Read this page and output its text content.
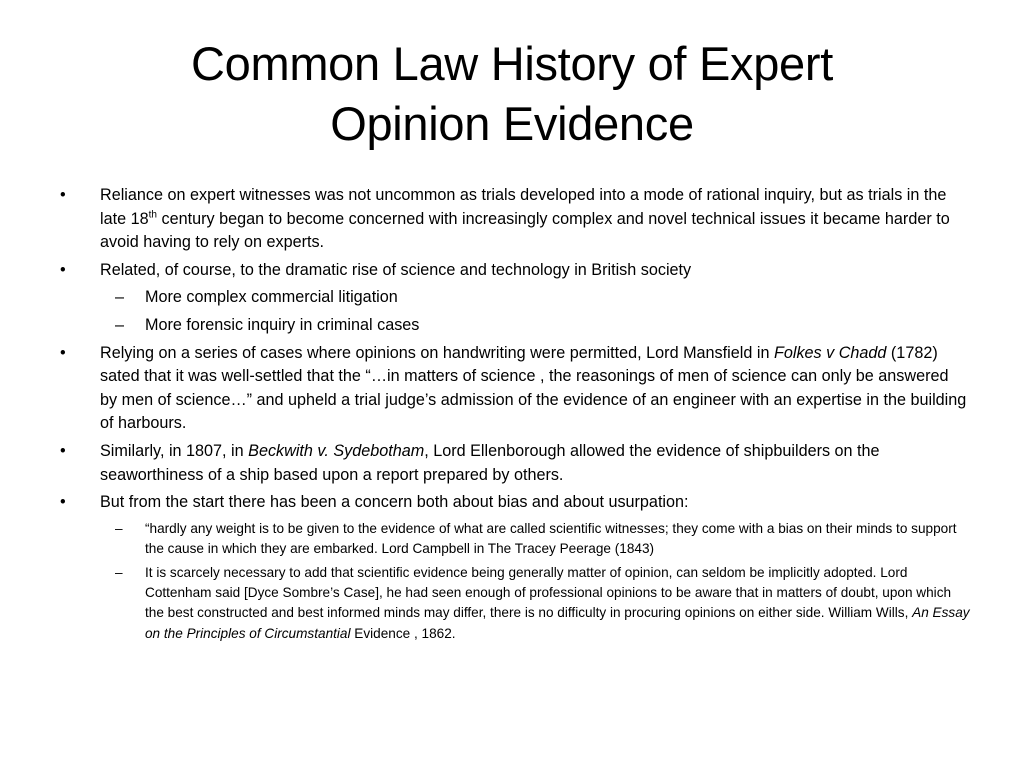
Common Law History of Expert
Opinion Evidence
•	Reliance on expert witnesses was not uncommon as trials developed into a mode of rational inquiry, but as trials in the late 18th century began to become concerned with increasingly complex and novel technical issues it became harder to avoid having to rely on experts.
•	Related, of course, to the dramatic rise of science and technology in British society
– More complex commercial litigation
– More forensic inquiry in criminal cases
•	Relying on a series of cases where opinions on handwriting were permitted, Lord Mansfield in Folkes v Chadd (1782) sated that it was well-settled that the “…in matters of science , the reasonings of men of science can only be answered by men of science…” and upheld a trial judge’s admission of the evidence of an engineer with an expertise in the building of harbours.
•	Similarly, in 1807, in Beckwith v. Sydebotham, Lord Ellenborough allowed the evidence of shipbuilders on the seaworthiness of a ship based upon a report prepared by others.
•	But from the start there has been a concern both about bias and about usurpation:
– “hardly any weight is to be given to the evidence of what are called scientific witnesses; they come with a bias on their minds to support the cause in which they are embarked. Lord Campbell in The Tracey Peerage (1843)
– It is scarcely necessary to add that scientific evidence being generally matter of opinion, can seldom be implicitly adopted. Lord Cottenham said [Dyce Sombre’s Case], he had seen enough of professional opinions to be aware that in matters of doubt, upon which the best constructed and best informed minds may differ, there is no difficulty in procuring opinions on either side. William Wills, An Essay on the Principles of Circumstantial Evidence , 1862.
